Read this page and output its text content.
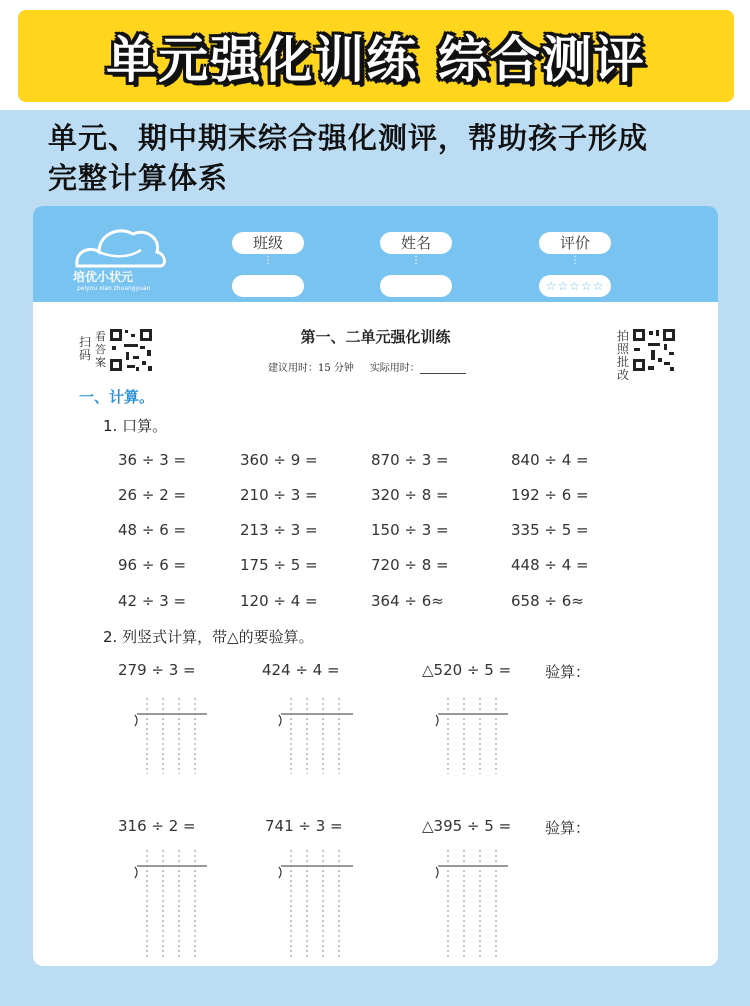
单元强化训练 综合测评
单元、期中期末综合强化测评，帮助孩子形成
完整计算体系
培优小状元
peiyou xiao zhuangyuan
班级
⋮
姓名
⋮
评价
⋮
☆☆☆☆☆
扫码
看答案
拍照批改
第一、二单元强化训练
建议用时：15 分钟 实际用时：
一、计算。
1. 口算。
36 ÷ 3 =	360 ÷ 9 =	870 ÷ 3 =	840 ÷ 4 =
26 ÷ 2 =	210 ÷ 3 =	320 ÷ 8 =	192 ÷ 6 =
48 ÷ 6 =	213 ÷ 3 =	150 ÷ 3 =	335 ÷ 5 =
96 ÷ 6 =	175 ÷ 5 =	720 ÷ 8 =	448 ÷ 4 =
42 ÷ 3 =	120 ÷ 4 =	364 ÷ 6≈	658 ÷ 6≈
2. 列竖式计算，带△的要验算。
279 ÷ 3 =	424 ÷ 4 =	△520 ÷ 5 = 验算：
316 ÷ 2 =	741 ÷ 3 =	△395 ÷ 5 = 验算：
